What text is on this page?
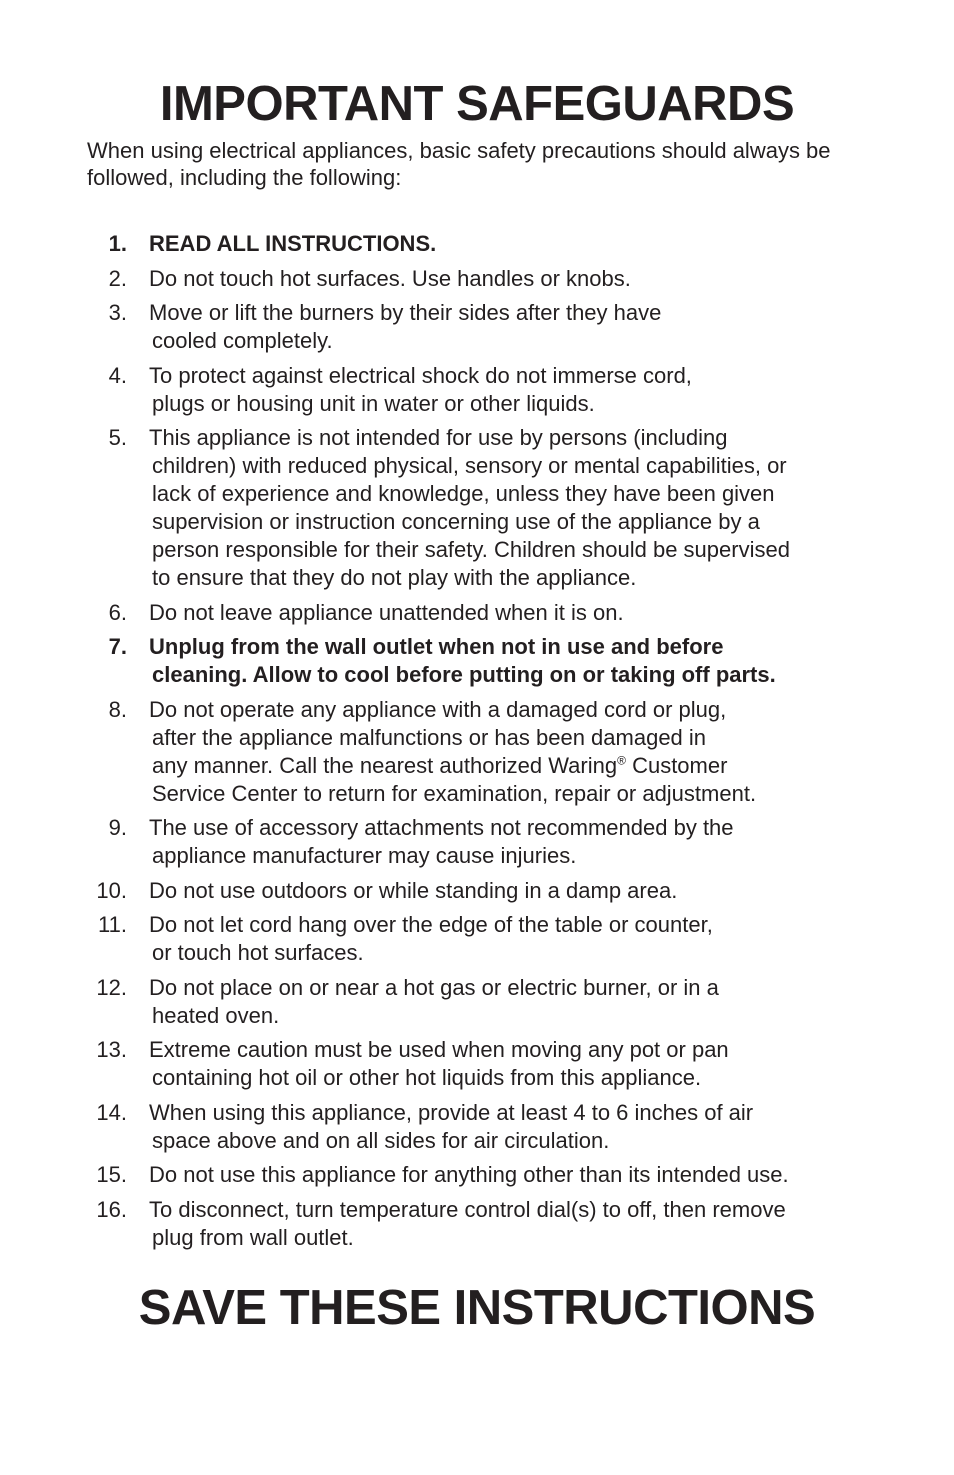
IMPORTANT SAFEGUARDS

When using electrical appliances, basic safety precautions should always be followed, including the following:

1. READ ALL INSTRUCTIONS.
2. Do not touch hot surfaces. Use handles or knobs.
3. Move or lift the burners by their sides after they have
cooled completely.
4. To protect against electrical shock do not immerse cord,
plugs or housing unit in water or other liquids.
5. This appliance is not intended for use by persons (including
children) with reduced physical, sensory or mental capabilities, or
lack of experience and knowledge, unless they have been given
supervision or instruction concerning use of the appliance by a
person responsible for their safety. Children should be supervised
to ensure that they do not play with the appliance.
6. Do not leave appliance unattended when it is on.
7. Unplug from the wall outlet when not in use and before
cleaning. Allow to cool before putting on or taking off parts.
8. Do not operate any appliance with a damaged cord or plug,
after the appliance malfunctions or has been damaged in
any manner. Call the nearest authorized Waring® Customer
Service Center to return for examination, repair or adjustment.
9. The use of accessory attachments not recommended by the
appliance manufacturer may cause injuries.
10. Do not use outdoors or while standing in a damp area.
11. Do not let cord hang over the edge of the table or counter,
or touch hot surfaces.
12. Do not place on or near a hot gas or electric burner, or in a
heated oven.
13. Extreme caution must be used when moving any pot or pan
containing hot oil or other hot liquids from this appliance.
14. When using this appliance, provide at least 4 to 6 inches of air
space above and on all sides for air circulation.
15. Do not use this appliance for anything other than its intended use.
16. To disconnect, turn temperature control dial(s) to off, then remove
plug from wall outlet.
SAVE THESE INSTRUCTIONS
